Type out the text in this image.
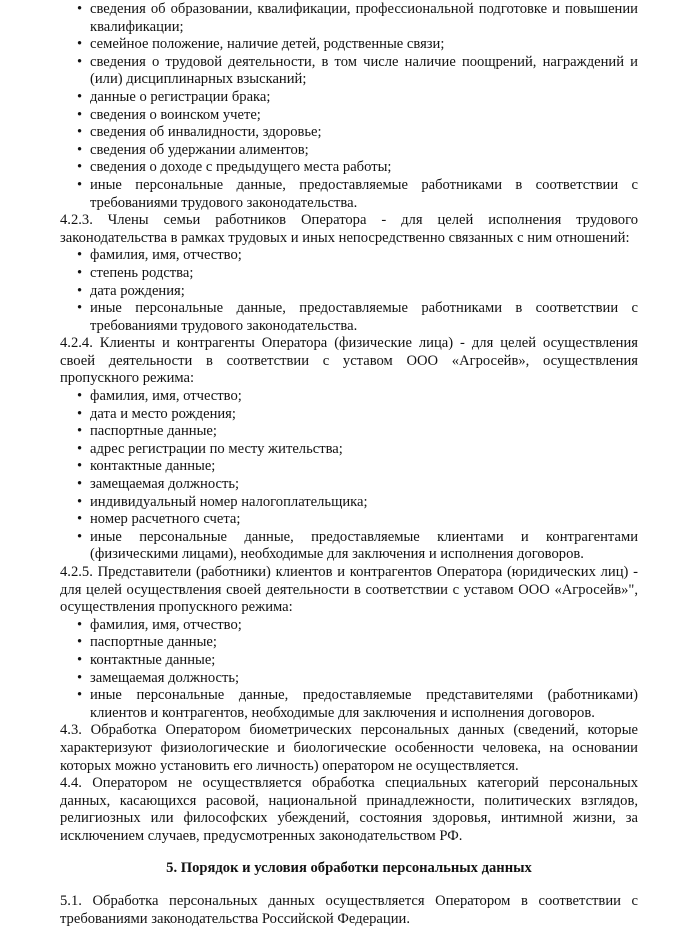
• сведения об образовании, квалификации, профессиональной подготовке и повышении квалификации;
• семейное положение, наличие детей, родственные связи;
• сведения о трудовой деятельности, в том числе наличие поощрений, награждений и (или) дисциплинарных взысканий;
• данные о регистрации брака;
• сведения о воинском учете;
• сведения об инвалидности, здоровье;
• сведения об удержании алиментов;
• сведения о доходе с предыдущего места работы;
• иные персональные данные, предоставляемые работниками в соответствии с требованиями трудового законодательства.
4.2.3. Члены семьи работников Оператора - для целей исполнения трудового
законодательства в рамках трудовых и иных непосредственно связанных с ним отношений:
• фамилия, имя, отчество;
• степень родства;
• дата рождения;
• иные персональные данные, предоставляемые работниками в соответствии с требованиями трудового законодательства.
4.2.4. Клиенты и контрагенты Оператора (физические лица) - для целей осуществления своей деятельности в соответствии с уставом ООО «Агросейв», осуществления пропускного режима:
• фамилия, имя, отчество;
• дата и место рождения;
• паспортные данные;
• адрес регистрации по месту жительства;
• контактные данные;
• замещаемая должность;
• индивидуальный номер налогоплательщика;
• номер расчетного счета;
• иные персональные данные, предоставляемые клиентами и контрагентами (физическими лицами), необходимые для заключения и исполнения договоров.
4.2.5. Представители (работники) клиентов и контрагентов Оператора (юридических лиц) - для целей осуществления своей деятельности в соответствии с уставом ООО «Агросейв»", осуществления пропускного режима:
• фамилия, имя, отчество;
• паспортные данные;
• контактные данные;
• замещаемая должность;
• иные персональные данные, предоставляемые представителями (работниками) клиентов и контрагентов, необходимые для заключения и исполнения договоров.
4.3. Обработка Оператором биометрических персональных данных (сведений, которые характеризуют физиологические и биологические особенности человека, на основании которых можно установить его личность) оператором не осуществляется.
4.4. Оператором не осуществляется обработка специальных категорий персональных данных, касающихся расовой, национальной принадлежности, политических взглядов, религиозных или философских убеждений, состояния здоровья, интимной жизни, за исключением случаев, предусмотренных законодательством РФ.
5. Порядок и условия обработки персональных данных
5.1. Обработка персональных данных осуществляется Оператором в соответствии с требованиями законодательства Российской Федерации.
